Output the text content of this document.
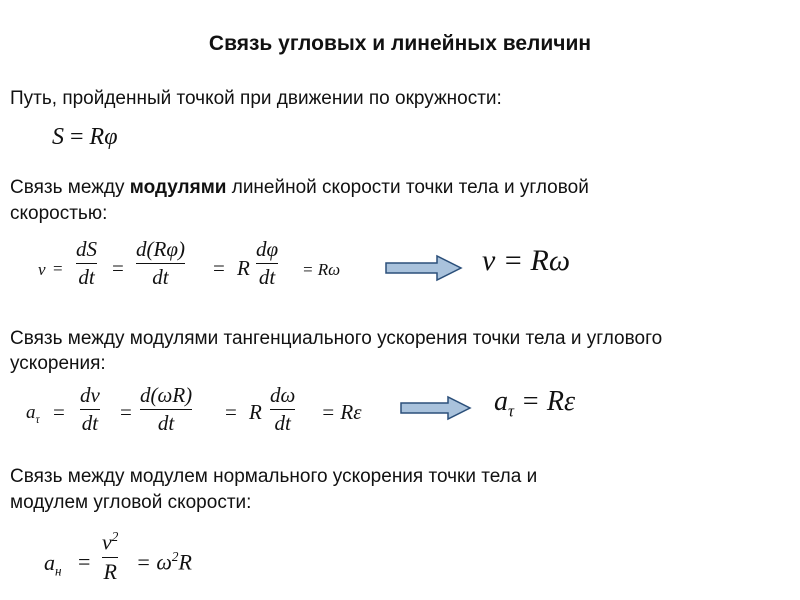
Связь угловых и линейных величин
Путь, пройденный точкой при движении по окружности:
S = Rφ
Связь между модулями линейной скорости точки тела и угловой
скоростью:
v =
dS
dt =
d(Rφ)
dt = R
dφ
dt = Rω	v = Rω
Связь между модулями тангенциального ускорения точки тела и углового
ускорения:
$a_\tau$ =
dv
dt =
d(ωR)
dt = R
dω
dt = Rε	$a_\tau = R\varepsilon$
Связь между модулем нормального ускорения точки тела и
модулем угловой скорости:
$a_н$ =
$v^2$
$R = \omega^2R$
